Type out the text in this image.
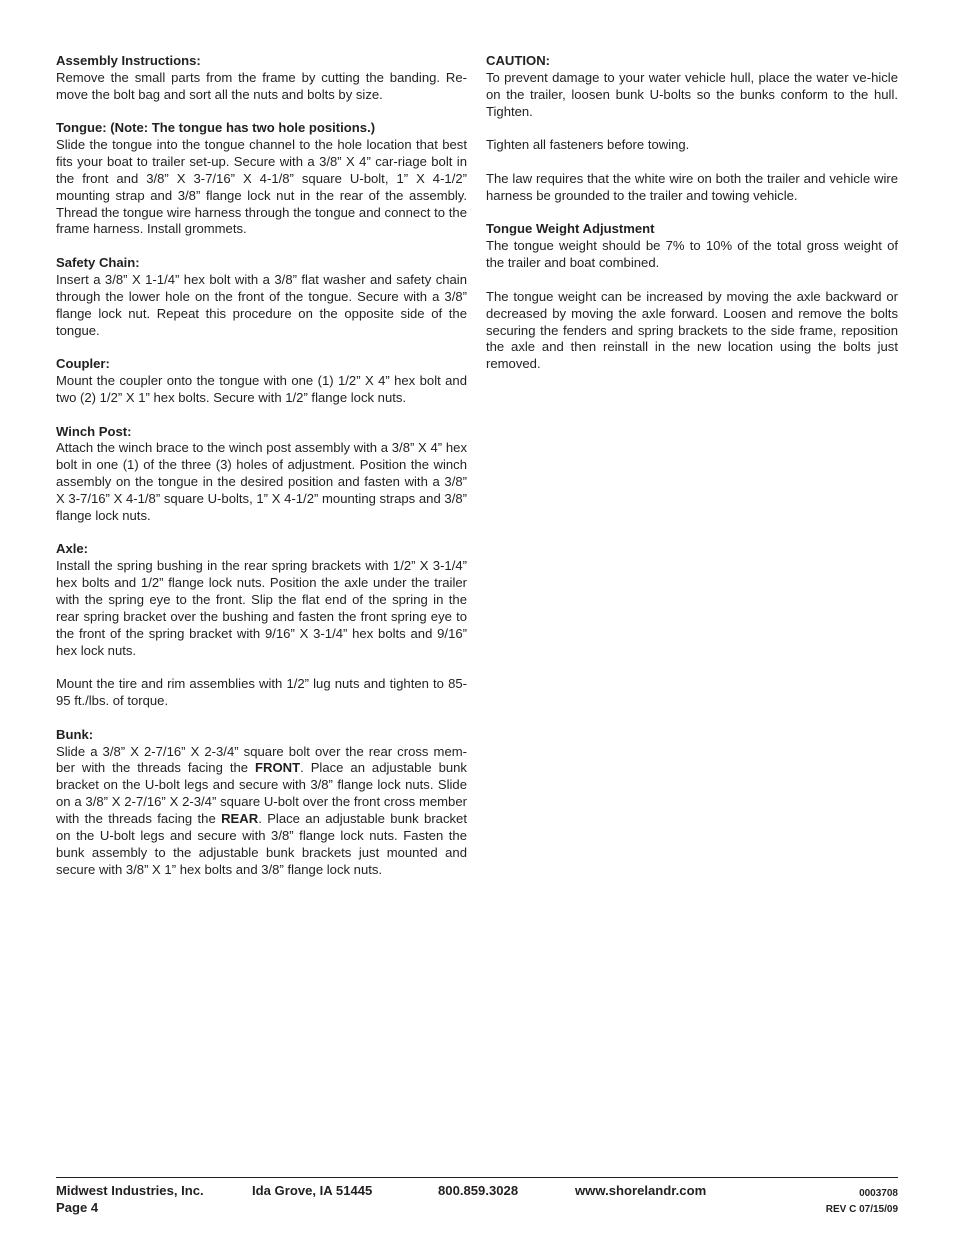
Assembly Instructions:
Remove the small parts from the frame by cutting the banding. Re-move the bolt bag and sort all the nuts and bolts by size.
Tongue: (Note: The tongue has two hole positions.)
Slide the tongue into the tongue channel to the hole location that best fits your boat to trailer set-up. Secure with a 3/8” X 4” car-riage bolt in the front and 3/8” X 3-7/16” X 4-1/8” square U-bolt, 1” X 4-1/2” mounting strap and 3/8” flange lock nut in the rear of the assembly. Thread the tongue wire harness through the tongue and connect to the frame harness. Install grommets.
Safety Chain:
Insert a 3/8” X 1-1/4” hex bolt with a 3/8” flat washer and safety chain through the lower hole on the front of the tongue. Secure with a 3/8” flange lock nut. Repeat this procedure on the opposite side of the tongue.
Coupler:
Mount the coupler onto the tongue with one (1) 1/2” X 4” hex bolt and two (2) 1/2” X 1” hex bolts. Secure with 1/2” flange lock nuts.
Winch Post:
Attach the winch brace to the winch post assembly with a 3/8” X 4” hex bolt in one (1) of the three (3) holes of adjustment. Position the winch assembly on the tongue in the desired position and fasten with a 3/8” X 3-7/16” X 4-1/8” square U-bolts, 1” X 4-1/2” mounting straps and 3/8” flange lock nuts.
Axle:
Install the spring bushing in the rear spring brackets with 1/2” X 3-1/4” hex bolts and 1/2” flange lock nuts. Position the axle under the trailer with the spring eye to the front. Slip the flat end of the spring in the rear spring bracket over the bushing and fasten the front spring eye to the front of the spring bracket with 9/16” X 3-1/4” hex bolts and 9/16” hex lock nuts.
Mount the tire and rim assemblies with 1/2” lug nuts and tighten to 85-95 ft./lbs. of torque.
Bunk:
Slide a 3/8” X 2-7/16” X 2-3/4” square bolt over the rear cross mem-ber with the threads facing the FRONT. Place an adjustable bunk bracket on the U-bolt legs and secure with 3/8” flange lock nuts. Slide on a 3/8” X 2-7/16” X 2-3/4” square U-bolt over the front cross member with the threads facing the REAR. Place an adjustable bunk bracket on the U-bolt legs and secure with 3/8” flange lock nuts. Fasten the bunk assembly to the adjustable bunk brackets just mounted and secure with 3/8” X 1” hex bolts and 3/8” flange lock nuts.
CAUTION:
To prevent damage to your water vehicle hull, place the water ve-hicle on the trailer, loosen bunk U-bolts so the bunks conform to the hull. Tighten.
Tighten all fasteners before towing.
The law requires that the white wire on both the trailer and vehicle wire harness be grounded to the trailer and towing vehicle.
Tongue Weight Adjustment
The tongue weight should be 7% to 10% of the total gross weight of the trailer and boat combined.
The tongue weight can be increased by moving the axle backward or decreased by moving the axle forward. Loosen and remove the bolts securing the fenders and spring brackets to the side frame, reposition the axle and then reinstall in the new location using the bolts just removed.
Midwest Industries, Inc.
Page 4
Ida Grove, IA 51445	800.859.3028	www.shorelandr.com	0003708
REV C 07/15/09
